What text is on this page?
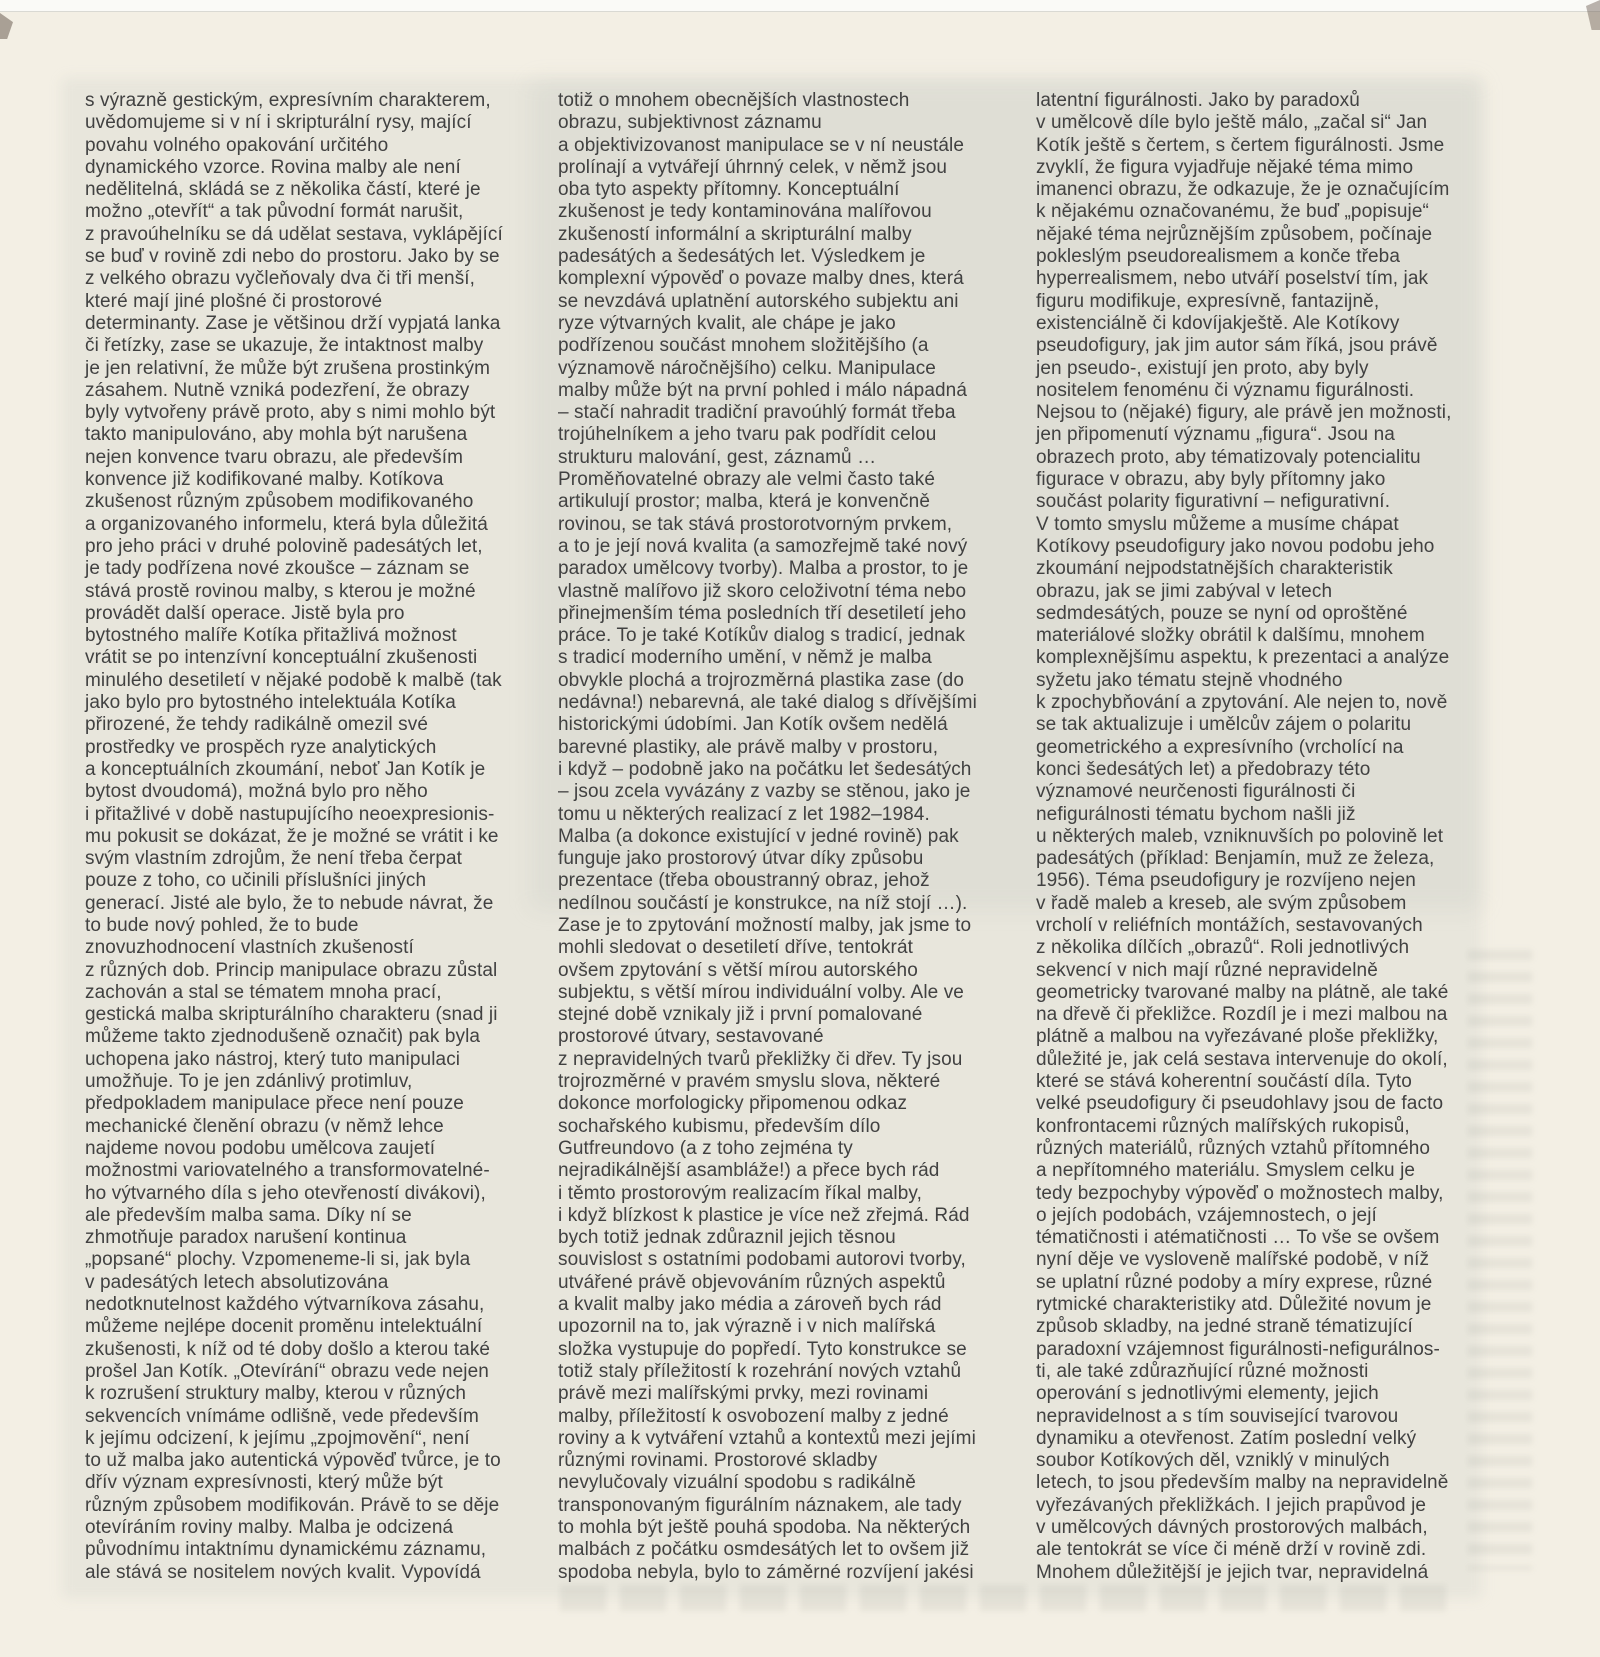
s výrazně gestickým, expresívním charakterem,
uvědomujeme si v ní i skripturální rysy, mající
povahu volného opakování určitého
dynamického vzorce. Rovina malby ale není
nedělitelná, skládá se z několika částí, které je
možno „otevřít“ a tak původní formát narušit,
z pravoúhelníku se dá udělat sestava, vyklápějící
se buď v rovině zdi nebo do prostoru. Jako by se
z velkého obrazu vyčleňovaly dva či tři menší,
které mají jiné plošné či prostorové
determinanty. Zase je většinou drží vypjatá lanka
či řetízky, zase se ukazuje, že intaktnost malby
je jen relativní, že může být zrušena prostinkým
zásahem. Nutně vzniká podezření, že obrazy
byly vytvořeny právě proto, aby s nimi mohlo být
takto manipulováno, aby mohla být narušena
nejen konvence tvaru obrazu, ale především
konvence již kodifikované malby. Kotíkova
zkušenost různým způsobem modifikovaného
a organizovaného informelu, která byla důležitá
pro jeho práci v druhé polovině padesátých let,
je tady podřízena nové zkoušce – záznam se
stává prostě rovinou malby, s kterou je možné
provádět další operace. Jistě byla pro
bytostného malíře Kotíka přitažlivá možnost
vrátit se po intenzívní konceptuální zkušenosti
minulého desetiletí v nějaké podobě k malbě (tak
jako bylo pro bytostného intelektuála Kotíka
přirozené, že tehdy radikálně omezil své
prostředky ve prospěch ryze analytických
a konceptuálních zkoumání, neboť Jan Kotík je
bytost dvoudomá), možná bylo pro něho
i přitažlivé v době nastupujícího neoexpresionis-
mu pokusit se dokázat, že je možné se vrátit i ke
svým vlastním zdrojům, že není třeba čerpat
pouze z toho, co učinili příslušníci jiných
generací. Jisté ale bylo, že to nebude návrat, že
to bude nový pohled, že to bude
znovuzhodnocení vlastních zkušeností
z různých dob. Princip manipulace obrazu zůstal
zachován a stal se tématem mnoha prací,
gestická malba skripturálního charakteru (snad ji
můžeme takto zjednodušeně označit) pak byla
uchopena jako nástroj, který tuto manipulaci
umožňuje. To je jen zdánlivý protimluv,
předpokladem manipulace přece není pouze
mechanické členění obrazu (v němž lehce
najdeme novou podobu umělcova zaujetí
možnostmi variovatelného a transformovatelné-
ho výtvarného díla s jeho otevřeností divákovi),
ale především malba sama. Díky ní se
zhmotňuje paradox narušení kontinua
„popsané“ plochy. Vzpomeneme-li si, jak byla
v padesátých letech absolutizována
nedotknutelnost každého výtvarníkova zásahu,
můžeme nejlépe docenit proměnu intelektuální
zkušenosti, k níž od té doby došlo a kterou také
prošel Jan Kotík. „Otevírání“ obrazu vede nejen
k rozrušení struktury malby, kterou v různých
sekvencích vnímáme odlišně, vede především
k jejímu odcizení, k jejímu „zpojmovění“, není
to už malba jako autentická výpověď tvůrce, je to
dřív význam expresívnosti, který může být
různým způsobem modifikován. Právě to se děje
otevíráním roviny malby. Malba je odcizená
původnímu intaktnímu dynamickému záznamu,
ale stává se nositelem nových kvalit. Vypovídá
totiž o mnohem obecnějších vlastnostech
obrazu, subjektivnost záznamu
a objektivizovanost manipulace se v ní neustále
prolínají a vytvářejí úhrnný celek, v němž jsou
oba tyto aspekty přítomny. Konceptuální
zkušenost je tedy kontaminována malířovou
zkušeností informální a skripturální malby
padesátých a šedesátých let. Výsledkem je
komplexní výpověď o povaze malby dnes, která
se nevzdává uplatnění autorského subjektu ani
ryze výtvarných kvalit, ale chápe je jako
podřízenou součást mnohem složitějšího (a
významově náročnějšího) celku. Manipulace
malby může být na první pohled i málo nápadná
– stačí nahradit tradiční pravoúhlý formát třeba
trojúhelníkem a jeho tvaru pak podřídit celou
strukturu malování, gest, záznamů …
Proměňovatelné obrazy ale velmi často také
artikulují prostor; malba, která je konvenčně
rovinou, se tak stává prostorotvorným prvkem,
a to je její nová kvalita (a samozřejmě také nový
paradox umělcovy tvorby). Malba a prostor, to je
vlastně malířovo již skoro celoživotní téma nebo
přinejmenším téma posledních tří desetiletí jeho
práce. To je také Kotíkův dialog s tradicí, jednak
s tradicí moderního umění, v němž je malba
obvykle plochá a trojrozměrná plastika zase (do
nedávna!) nebarevná, ale také dialog s dřívějšími
historickými údobími. Jan Kotík ovšem nedělá
barevné plastiky, ale právě malby v prostoru,
i když – podobně jako na počátku let šedesátých
– jsou zcela vyvázány z vazby se stěnou, jako je
tomu u některých realizací z let 1982–1984.
Malba (a dokonce existující v jedné rovině) pak
funguje jako prostorový útvar díky způsobu
prezentace (třeba oboustranný obraz, jehož
nedílnou součástí je konstrukce, na níž stojí …).
Zase je to zpytování možností malby, jak jsme to
mohli sledovat o desetiletí dříve, tentokrát
ovšem zpytování s větší mírou autorského
subjektu, s větší mírou individuální volby. Ale ve
stejné době vznikaly již i první pomalované
prostorové útvary, sestavované
z nepravidelných tvarů překližky či dřev. Ty jsou
trojrozměrné v pravém smyslu slova, některé
dokonce morfologicky připomenou odkaz
sochařského kubismu, především dílo
Gutfreundovo (a z toho zejména ty
nejradikálnější asambláže!) a přece bych rád
i těmto prostorovým realizacím říkal malby,
i když blízkost k plastice je více než zřejmá. Rád
bych totiž jednak zdůraznil jejich těsnou
souvislost s ostatními podobami autorovi tvorby,
utvářené právě objevováním různých aspektů
a kvalit malby jako média a zároveň bych rád
upozornil na to, jak výrazně i v nich malířská
složka vystupuje do popředí. Tyto konstrukce se
totiž staly příležitostí k rozehrání nových vztahů
právě mezi malířskými prvky, mezi rovinami
malby, příležitostí k osvobození malby z jedné
roviny a k vytváření vztahů a kontextů mezi jejími
různými rovinami. Prostorové skladby
nevylučovaly vizuální spodobu s radikálně
transponovaným figurálním náznakem, ale tady
to mohla být ještě pouhá spodoba. Na některých
malbách z počátku osmdesátých let to ovšem již
spodoba nebyla, bylo to záměrné rozvíjení jakési
latentní figurálnosti. Jako by paradoxů
v umělcově díle bylo ještě málo, „začal si“ Jan
Kotík ještě s čertem, s čertem figurálnosti. Jsme
zvyklí, že figura vyjadřuje nějaké téma mimo
imanenci obrazu, že odkazuje, že je označujícím
k nějakému označovanému, že buď „popisuje“
nějaké téma nejrůznějším způsobem, počínaje
pokleslým pseudorealismem a konče třeba
hyperrealismem, nebo utváří poselství tím, jak
figuru modifikuje, expresívně, fantazijně,
existenciálně či kdovíjakještě. Ale Kotíkovy
pseudofigury, jak jim autor sám říká, jsou právě
jen pseudo-, existují jen proto, aby byly
nositelem fenoménu či významu figurálnosti.
Nejsou to (nějaké) figury, ale právě jen možnosti,
jen připomenutí významu „figura“. Jsou na
obrazech proto, aby tématizovaly potencialitu
figurace v obrazu, aby byly přítomny jako
součást polarity figurativní – nefigurativní.
V tomto smyslu můžeme a musíme chápat
Kotíkovy pseudofigury jako novou podobu jeho
zkoumání nejpodstatnějších charakteristik
obrazu, jak se jimi zabýval v letech
sedmdesátých, pouze se nyní od oproštěné
materiálové složky obrátil k dalšímu, mnohem
komplexnějšímu aspektu, k prezentaci a analýze
syžetu jako tématu stejně vhodného
k zpochybňování a zpytování. Ale nejen to, nově
se tak aktualizuje i umělcův zájem o polaritu
geometrického a expresívního (vrcholící na
konci šedesátých let) a předobrazy této
významové neurčenosti figurálnosti či
nefigurálnosti tématu bychom našli již
u některých maleb, vzniknuvších po polovině let
padesátých (příklad: Benjamín, muž ze železa,
1956). Téma pseudofigury je rozvíjeno nejen
v řadě maleb a kreseb, ale svým způsobem
vrcholí v reliéfních montážích, sestavovaných
z několika dílčích „obrazů“. Roli jednotlivých
sekvencí v nich mají různé nepravidelně
geometricky tvarované malby na plátně, ale také
na dřevě či překližce. Rozdíl je i mezi malbou na
plátně a malbou na vyřezávané ploše překližky,
důležité je, jak celá sestava intervenuje do okolí,
které se stává koherentní součástí díla. Tyto
velké pseudofigury či pseudohlavy jsou de facto
konfrontacemi různých malířských rukopisů,
různých materiálů, různých vztahů přítomného
a nepřítomného materiálu. Smyslem celku je
tedy bezpochyby výpověď o možnostech malby,
o jejích podobách, vzájemnostech, o její
tématičnosti i atématičnosti … To vše se ovšem
nyní děje ve vysloveně malířské podobě, v níž
se uplatní různé podoby a míry exprese, různé
rytmické charakteristiky atd. Důležité novum je
způsob skladby, na jedné straně tématizující
paradoxní vzájemnost figurálnosti-nefigurálnos-
ti, ale také zdůrazňující různé možnosti
operování s jednotlivými elementy, jejich
nepravidelnost a s tím související tvarovou
dynamiku a otevřenost. Zatím poslední velký
soubor Kotíkových děl, vzniklý v minulých
letech, to jsou především malby na nepravidelně
vyřezávaných překližkách. I jejich prapůvod je
v umělcových dávných prostorových malbách,
ale tentokrát se více či méně drží v rovině zdi.
Mnohem důležitější je jejich tvar, nepravidelná
